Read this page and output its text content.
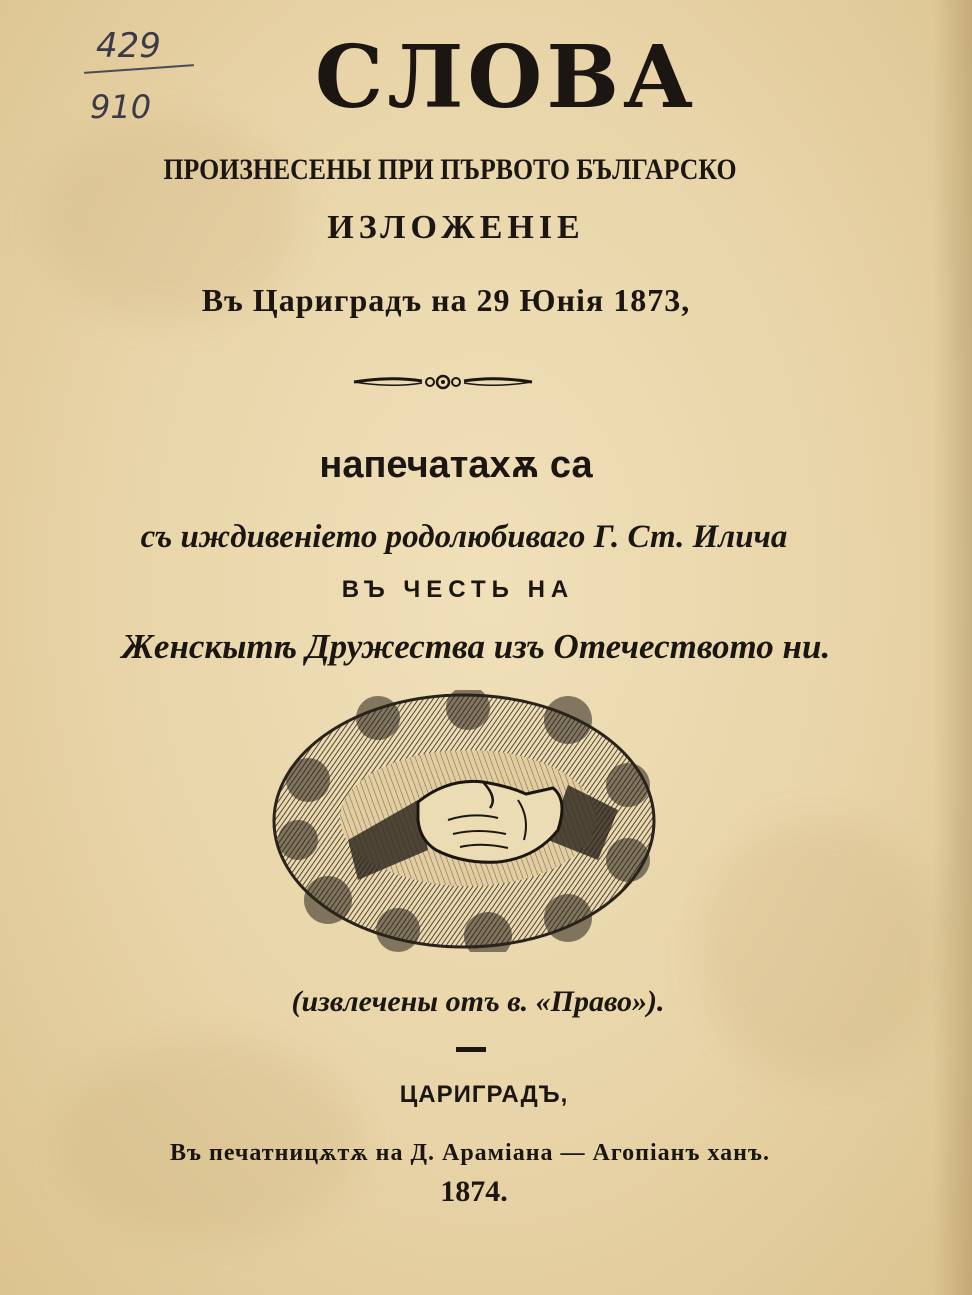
429
910	СЛОВА
ПРОИЗНЕСЕНЫ ПРИ ПЪРВОТО БЪЛГАРСКО
ИЗЛОЖЕНІЕ
Въ Цариградъ на 29 Юнія 1873,
напечатахѫ са
съ иждивеніето родолюбиваго Г. Ст. Илича
ВЪ ЧЕСТЬ НА
Женскытѣ Дружества изъ Отечеството ни.
(извлечены отъ в. «Право»).
ЦАРИГРАДЪ,
Въ печатницѫтѫ на Д. Арамiана — Агопiанъ ханъ.
1874.
